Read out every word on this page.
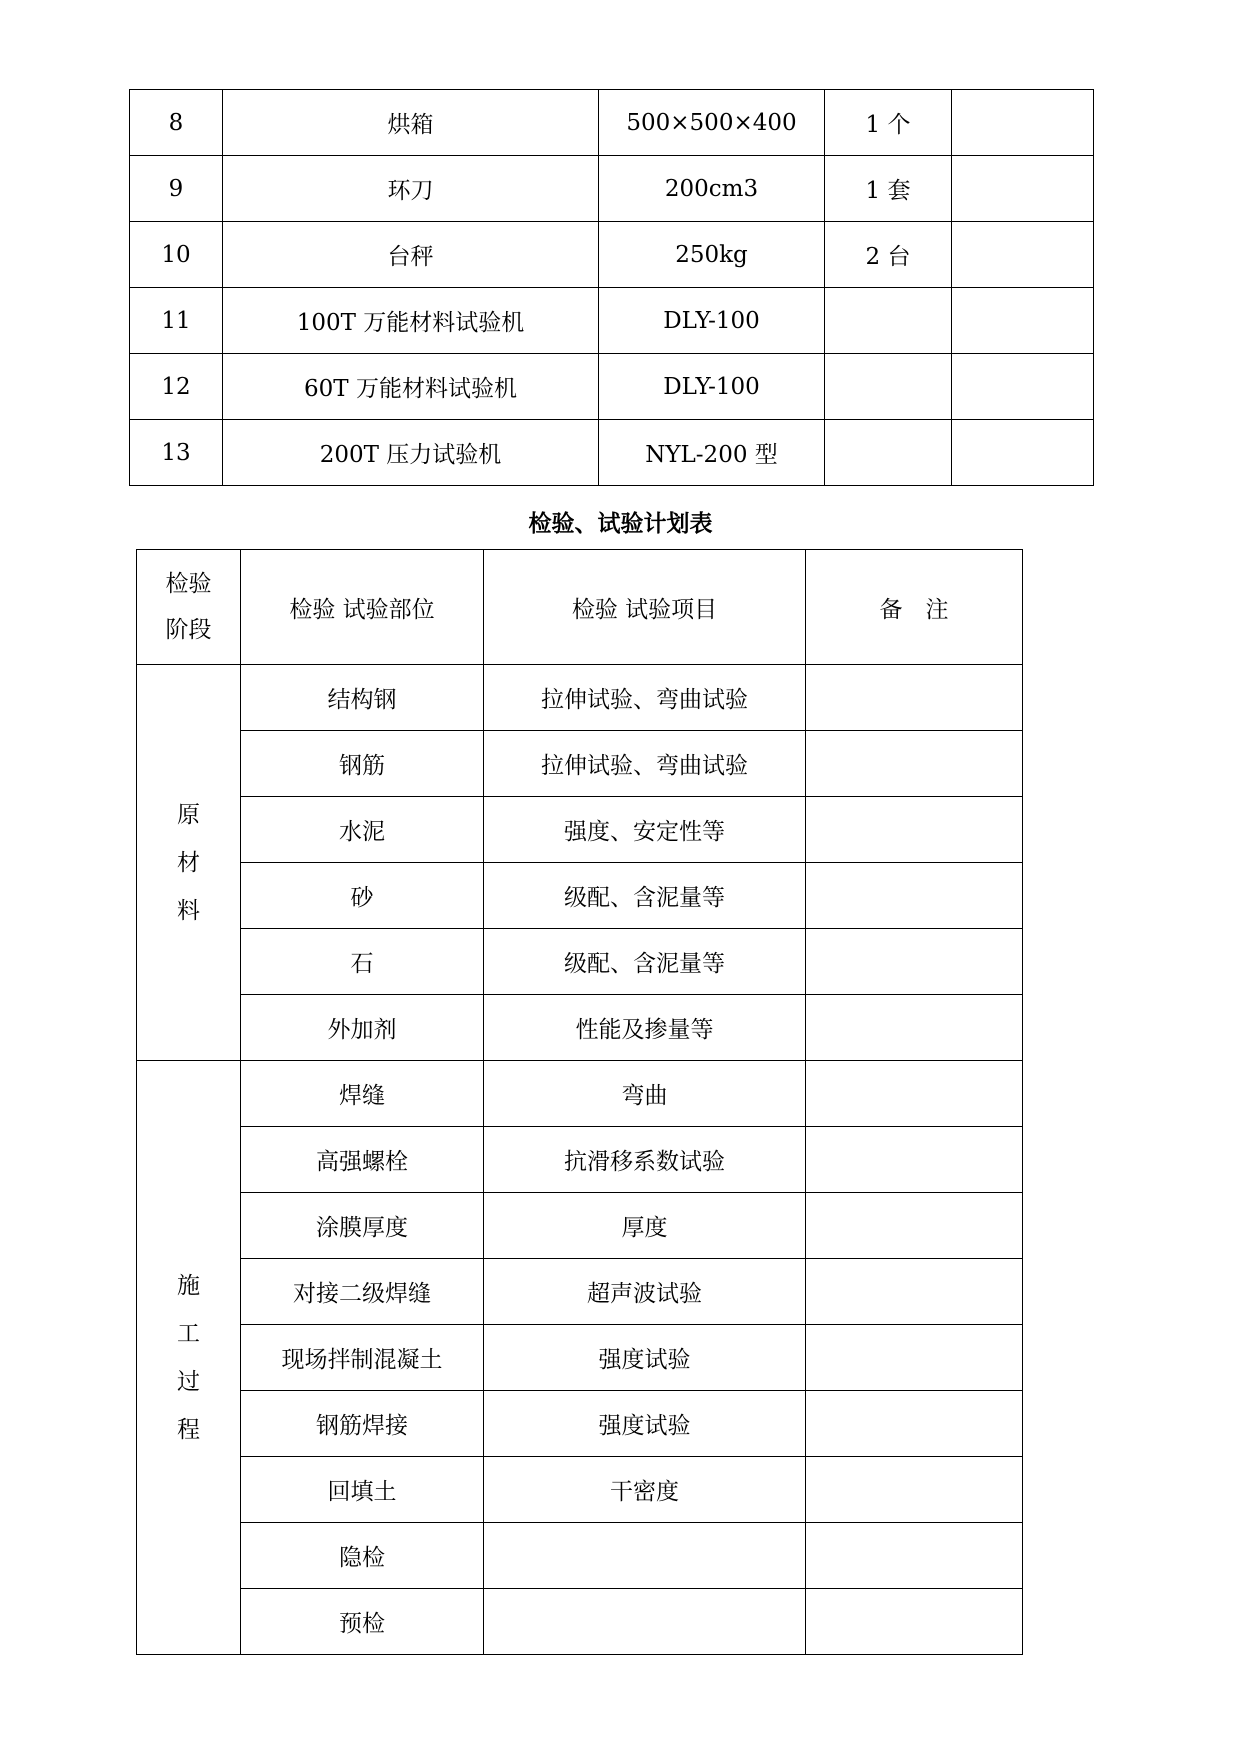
8	烘箱	500×500×400	1 个	
9	环刀	200cm3	1 套	
10	台秤	250kg	2 台	
11	100T 万能材料试验机	DLY-100		
12	60T 万能材料试验机	DLY-100		
13	200T 压力试验机	NYL-200 型		
检验、试验计划表
检验
阶段	检验 试验部位	检验 试验项目	备　注

原
材
料	结构钢	拉伸试验、弯曲试验	
	钢筋	拉伸试验、弯曲试验	
	水泥	强度、安定性等	
	砂	级配、含泥量等	
	石	级配、含泥量等	
	外加剂	性能及掺量等	

施
工
过
程	焊缝	弯曲	
	高强螺栓	抗滑移系数试验	
	涂膜厚度	厚度	
	对接二级焊缝	超声波试验	
	现场拌制混凝土	强度试验	
	钢筋焊接	强度试验	
	回填土	干密度	
	隐检		
	预检		
